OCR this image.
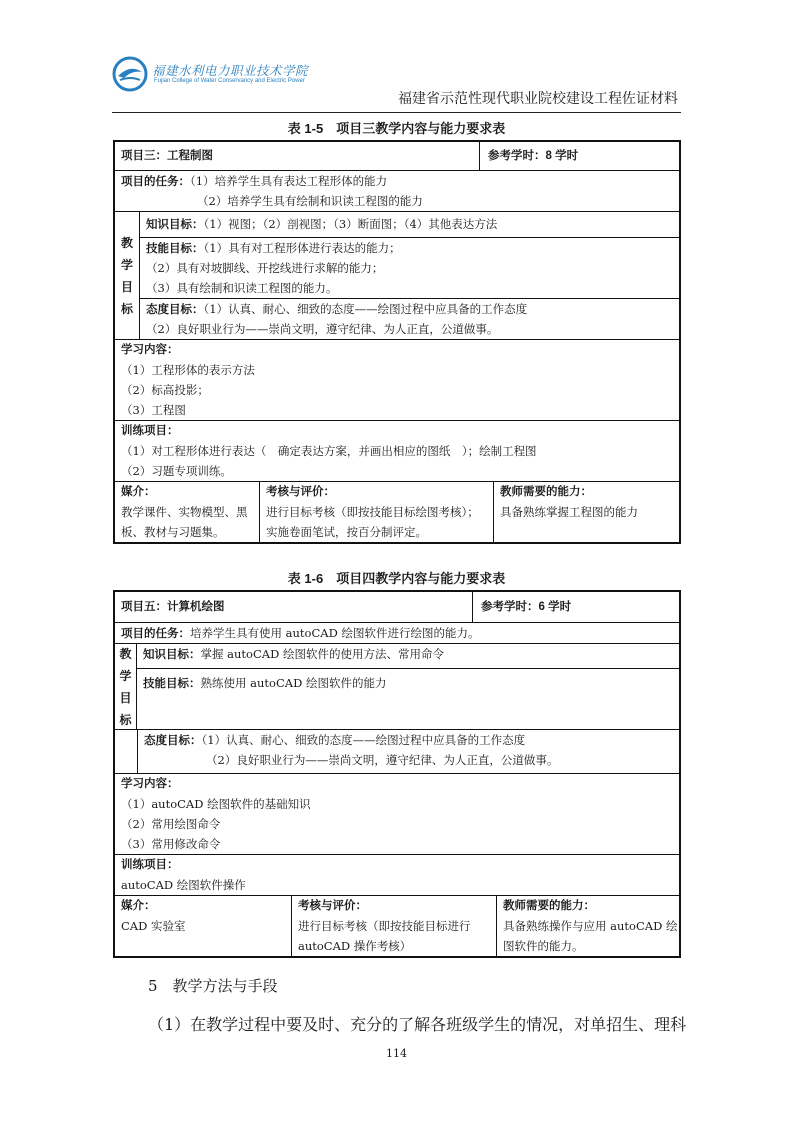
福建水利电力职业技术学院
Fujian College of Water Conservancy and Electric Power
福建省示范性现代职业院校建设工程佐证材料
表 1-5　项目三教学内容与能力要求表
项目三：工程制图	参考学时：8 学时
项目的任务：（1）培养学生具有表达工程形体的能力
（2）培养学生具有绘制和识读工程图的能力
教
学
目
标
知识目标：（1）视图；（2）剖视图；（3）断面图；（4）其他表达方法
技能目标：（1）具有对工程形体进行表达的能力；
（2）具有对坡脚线、开挖线进行求解的能力；
（3）具有绘制和识读工程图的能力。
态度目标：（1）认真、耐心、细致的态度——绘图过程中应具备的工作态度
（2）良好职业行为——崇尚文明，遵守纪律、为人正直，公道做事。
学习内容：
（1）工程形体的表示方法
（2）标高投影；
（3）工程图
训练项目：
（1）对工程形体进行表达（　确定表达方案，并画出相应的图纸　）；绘制工程图
（2）习题专项训练。
媒介：
教学课件、实物模型、黑
板、教材与习题集。
考核与评价：
进行目标考核（即按技能目标绘图考核）；
实施卷面笔试，按百分制评定。
教师需要的能力：
具备熟练掌握工程图的能力
表 1-6　项目四教学内容与能力要求表
项目五：计算机绘图	参考学时：6 学时
项目的任务：培养学生具有使用 autoCAD 绘图软件进行绘图的能力。
教
学
目
标
知识目标：掌握 autoCAD 绘图软件的使用方法、常用命令
技能目标：熟练使用 autoCAD 绘图软件的能力
态度目标：（1）认真、耐心、细致的态度——绘图过程中应具备的工作态度
（2）良好职业行为——崇尚文明，遵守纪律、为人正直，公道做事。
学习内容：
（1）autoCAD 绘图软件的基础知识
（2）常用绘图命令
（3）常用修改命令
训练项目：
autoCAD 绘图软件操作
媒介：
CAD 实验室
考核与评价：
进行目标考核（即按技能目标进行
autoCAD 操作考核）
教师需要的能力：
具备熟练操作与应用 autoCAD 绘
图软件的能力。
5　教学方法与手段
（1）在教学过程中要及时、充分的了解各班级学生的情况，对单招生、理科
114
